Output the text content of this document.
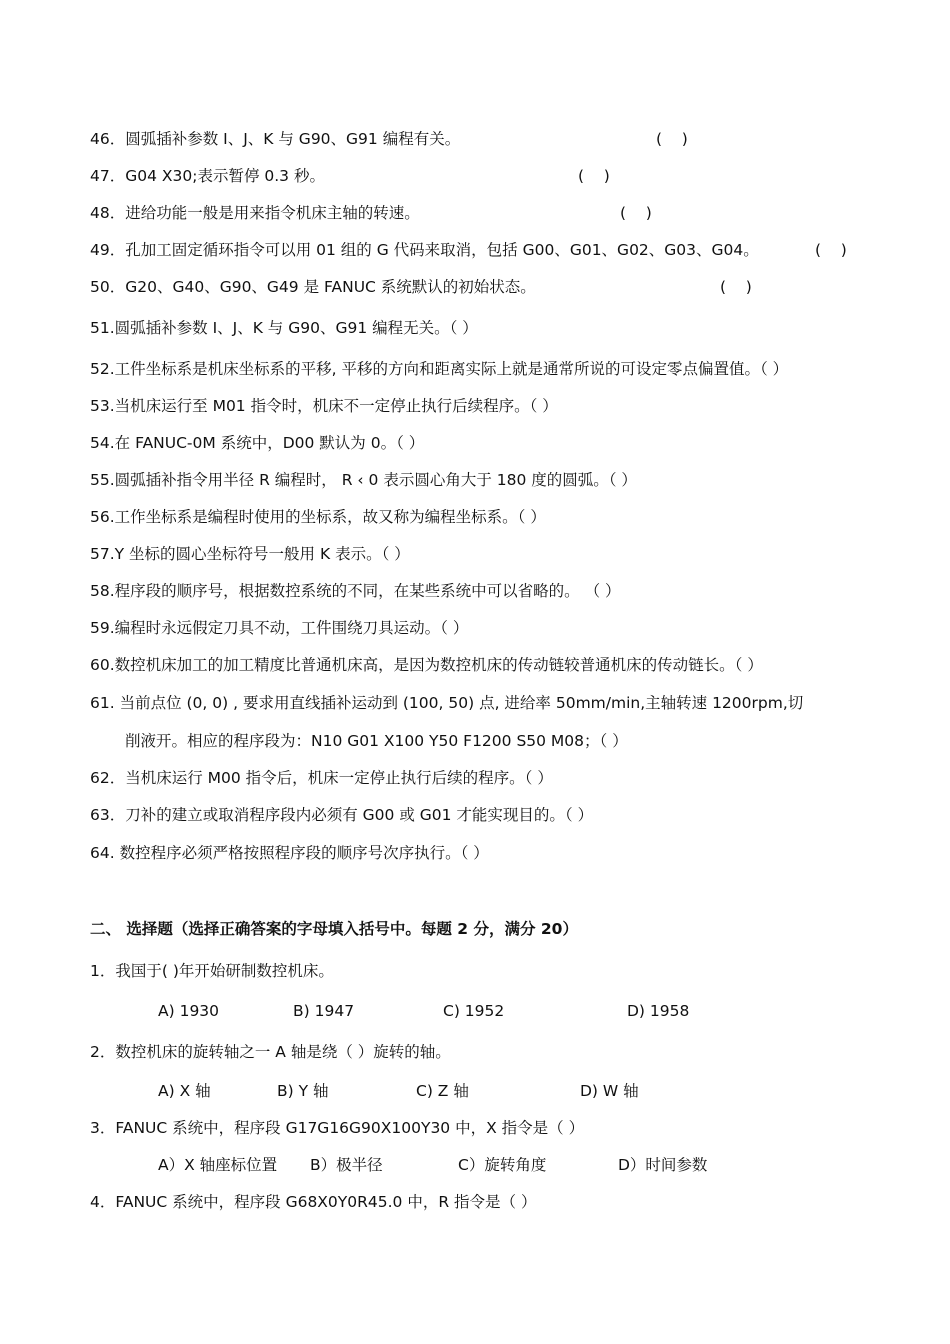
46．圆弧插补参数 I、J、K 与 G90、G91 编程有关。	(    )
47．G04 X30;表示暂停 0.3 秒。	(    )
48．进给功能一般是用来指令机床主轴的转速。	(    )
49．孔加工固定循环指令可以用 01 组的 G 代码来取消，包括 G00、G01、G02、G03、G04。	(    )
50．G20、G40、G90、G49 是 FANUC 系统默认的初始状态。	(    )
51.圆弧插补参数 I、J、K 与 G90、G91 编程无关。（ ）
52.工件坐标系是机床坐标系的平移, 平移的方向和距离实际上就是通常所说的可设定零点偏置值。（ ）
53.当机床运行至 M01 指令时，机床不一定停止执行后续程序。（ ）
54.在 FANUC-0M 系统中，D00 默认为 0。（ ）
55.圆弧插补指令用半径 R 编程时， R ‹ 0 表示圆心角大于 180 度的圆弧。（ ）
56.工作坐标系是编程时使用的坐标系，故又称为编程坐标系。（ ）
57.Y 坐标的圆心坐标符号一般用 K 表示。（ ）
58.程序段的顺序号，根据数控系统的不同，在某些系统中可以省略的。 （ ）
59.编程时永远假定刀具不动，工件围绕刀具运动。（ ）
60.数控机床加工的加工精度比普通机床高，是因为数控机床的传动链较普通机床的传动链长。（ ）
61. 当前点位 (0, 0) , 要求用直线插补运动到 (100, 50) 点, 进给率 50mm/min,主轴转速 1200rpm,切
削液开。相应的程序段为：N10 G01 X100 Y50 F1200 S50 M08；（ ）
62．当机床运行 M00 指令后，机床一定停止执行后续的程序。（ ）
63．刀补的建立或取消程序段内必须有 G00 或 G01 才能实现目的。（ ）
64. 数控程序必须严格按照程序段的顺序号次序执行。（ ）
二、 选择题（选择正确答案的字母填入括号中。每题 2 分，满分 20）
1．我国于( )年开始研制数控机床。
A) 1930	B) 1947	C) 1952	D) 1958
2．数控机床的旋转轴之一 A 轴是绕（ ）旋转的轴。
A) X 轴	B) Y 轴	C) Z 轴	D) W 轴
3．FANUC 系统中，程序段 G17G16G90X100Y30 中，X 指令是（ ）
A）X 轴座标位置 B）极半径	C）旋转角度	D）时间参数
4．FANUC 系统中，程序段 G68X0Y0R45.0 中，R 指令是（ ）
